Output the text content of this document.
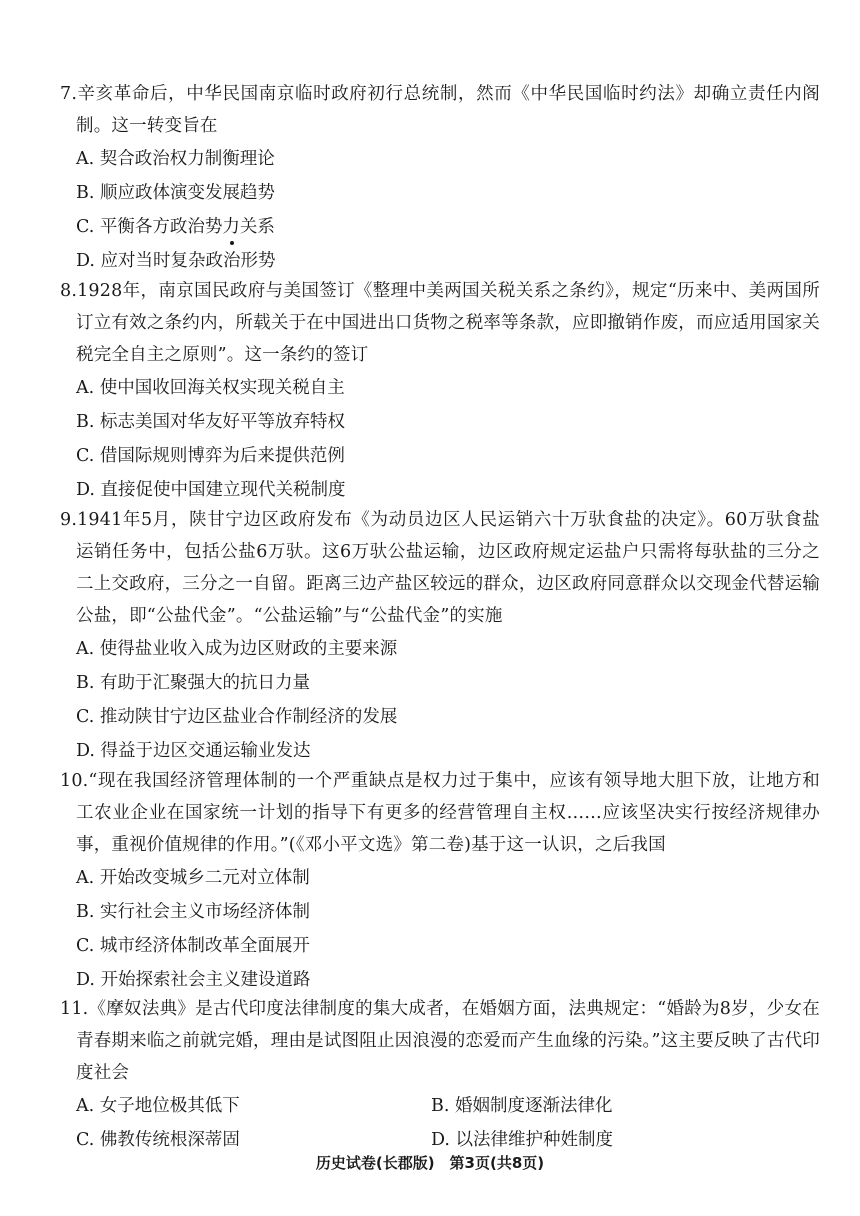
7.辛亥革命后，中华民国南京临时政府初行总统制，然而《中华民国临时约法》却确立责任内阁制。这一转变旨在
A. 契合政治权力制衡理论
B. 顺应政体演变发展趋势
C. 平衡各方政治势力关系
D. 应对当时复杂政治形势
8.1928年，南京国民政府与美国签订《整理中美两国关税关系之条约》，规定“历来中、美两国所订立有效之条约内，所载关于在中国进出口货物之税率等条款，应即撤销作废，而应适用国家关税完全自主之原则”。这一条约的签订
A. 使中国收回海关权实现关税自主
B. 标志美国对华友好平等放弃特权
C. 借国际规则博弈为后来提供范例
D. 直接促使中国建立现代关税制度
9.1941年5月，陕甘宁边区政府发布《为动员边区人民运销六十万驮食盐的决定》。60万驮食盐运销任务中，包括公盐6万驮。这6万驮公盐运输，边区政府规定运盐户只需将每驮盐的三分之二上交政府，三分之一自留。距离三边产盐区较远的群众，边区政府同意群众以交现金代替运输公盐，即“公盐代金”。“公盐运输”与“公盐代金”的实施
A. 使得盐业收入成为边区财政的主要来源
B. 有助于汇聚强大的抗日力量
C. 推动陕甘宁边区盐业合作制经济的发展
D. 得益于边区交通运输业发达
10.“现在我国经济管理体制的一个严重缺点是权力过于集中，应该有领导地大胆下放，让地方和工农业企业在国家统一计划的指导下有更多的经营管理自主权……应该坚决实行按经济规律办事，重视价值规律的作用。”(《邓小平文选》第二卷)基于这一认识，之后我国
A. 开始改变城乡二元对立体制
B. 实行社会主义市场经济体制
C. 城市经济体制改革全面展开
D. 开始探索社会主义建设道路
11.《摩奴法典》是古代印度法律制度的集大成者，在婚姻方面，法典规定：“婚龄为8岁，少女在青春期来临之前就完婚，理由是试图阻止因浪漫的恋爱而产生血缘的污染。”这主要反映了古代印度社会
A. 女子地位极其低下	B. 婚姻制度逐渐法律化
C. 佛教传统根深蒂固	D. 以法律维护种姓制度
历史试卷(长郡版)　第3页(共8页)
